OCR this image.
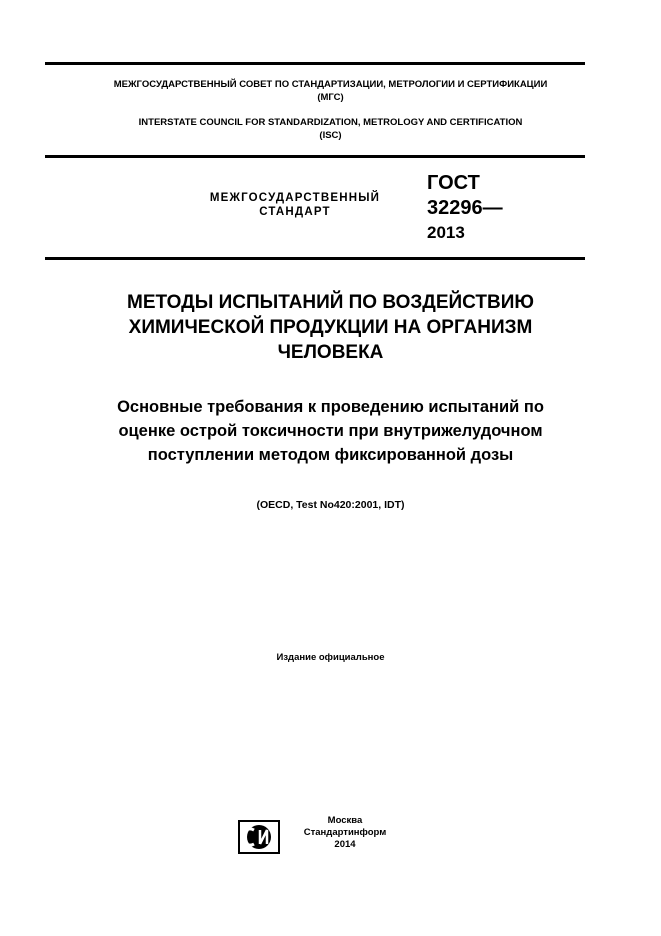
МЕЖГОСУДАРСТВЕННЫЙ СОВЕТ ПО СТАНДАРТИЗАЦИИ, МЕТРОЛОГИИ И СЕРТИФИКАЦИИ
(МГС)
INTERSTATE COUNCIL FOR STANDARDIZATION, METROLOGY AND CERTIFICATION
(ISC)
МЕЖГОСУДАРСТВЕННЫЙ
СТАНДАРТ
ГОСТ
32296—
2013
МЕТОДЫ ИСПЫТАНИЙ ПО ВОЗДЕЙСТВИЮ
ХИМИЧЕСКОЙ ПРОДУКЦИИ НА ОРГАНИЗМ
ЧЕЛОВЕКА
Основные требования к проведению испытаний по
оценке острой токсичности при внутрижелудочном
поступлении методом фиксированной дозы
(OECD, Test No420:2001, IDT)
Издание официальное
Москва
Стандартинформ
2014
